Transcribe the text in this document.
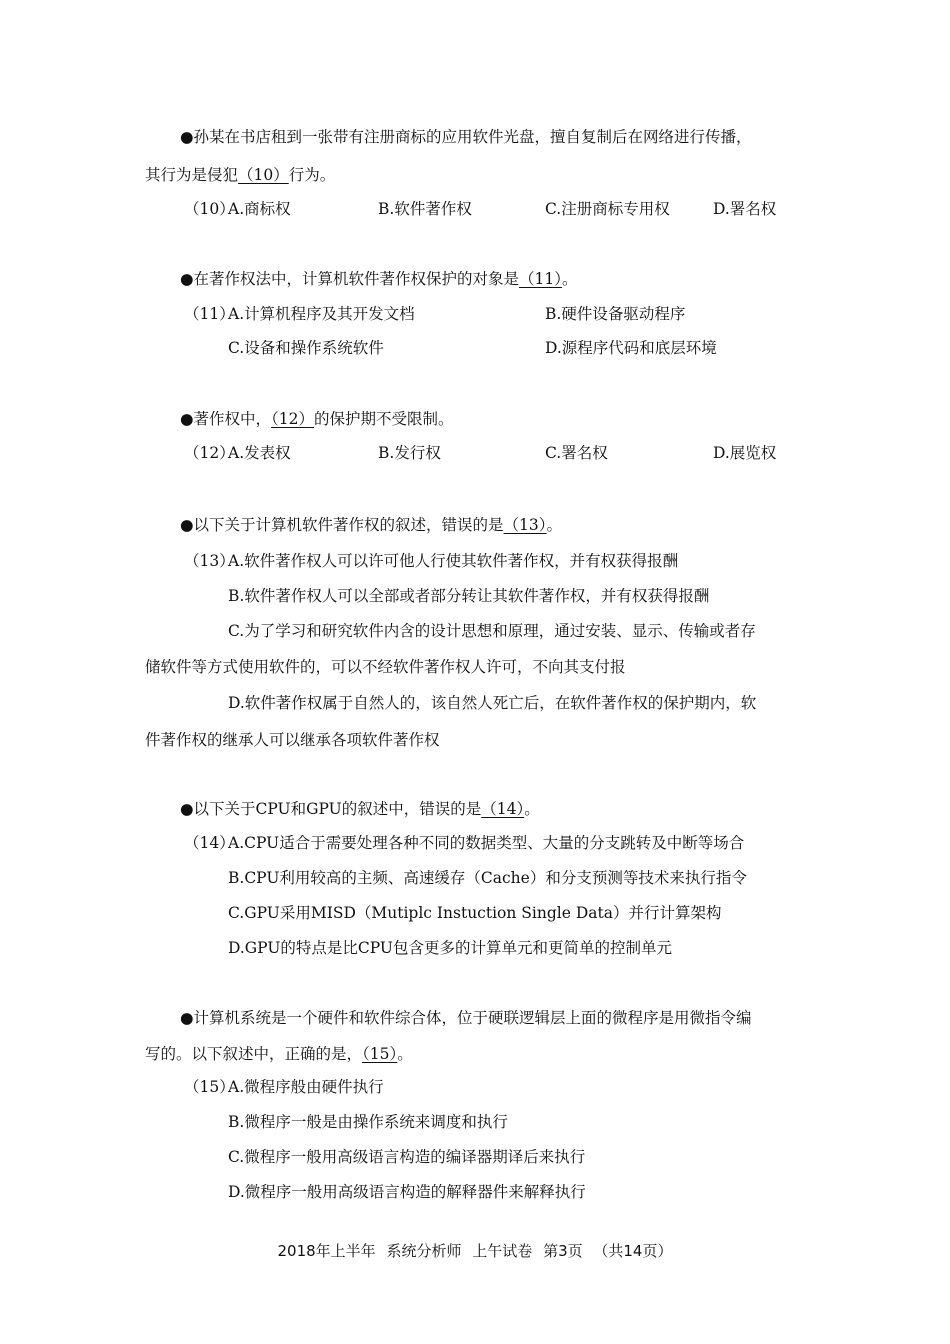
●孙某在书店租到一张带有注册商标的应用软件光盘，擅自复制后在网络进行传播，
其行为是侵犯（10）行为。
（10）
A.商标权	B.软件著作权	C.注册商标专用权	D.署名权
●在著作权法中，计算机软件著作权保护的对象是（11）。
（11）
A.计算机程序及其开发文档	B.硬件设备驱动程序
C.设备和操作系统软件	D.源程序代码和底层环境
●著作权中，（12）的保护期不受限制。
（12）
A.发表权	B.发行权	C.署名权	D.展览权
●以下关于计算机软件著作权的叙述，错误的是（13）。
（13）
A.软件著作权人可以许可他人行使其软件著作权，并有权获得报酬
B.软件著作权人可以全部或者部分转让其软件著作权，并有权获得报酬
C.为了学习和研究软件内含的设计思想和原理，通过安装、显示、传输或者存
储软件等方式使用软件的，可以不经软件著作权人许可，不向其支付报
D.软件著作权属于自然人的，该自然人死亡后，在软件著作权的保护期内，软
件著作权的继承人可以继承各项软件著作权
●以下关于CPU和GPU的叙述中，错误的是（14）。
（14）
A.CPU适合于需要处理各种不同的数据类型、大量的分支跳转及中断等场合
B.CPU利用较高的主频、高速缓存（Cache）和分支预测等技术来执行指令
C.GPU采用MISD（Mutiplc Instuction Single Data）并行计算架构
D.GPU的特点是比CPU包含更多的计算单元和更简单的控制单元
●计算机系统是一个硬件和软件综合体，位于硬联逻辑层上面的微程序是用微指令编
写的。以下叙述中，正确的是，（15）。
（15）
A.微程序般由硬件执行
B.微程序一般是由操作系统来调度和执行
C.微程序一般用高级语言构造的编译器期译后来执行
D.微程序一般用高级语言构造的解释器件来解释执行
2018年上半年 系统分析师 上午试卷 第3页 （共14页）
